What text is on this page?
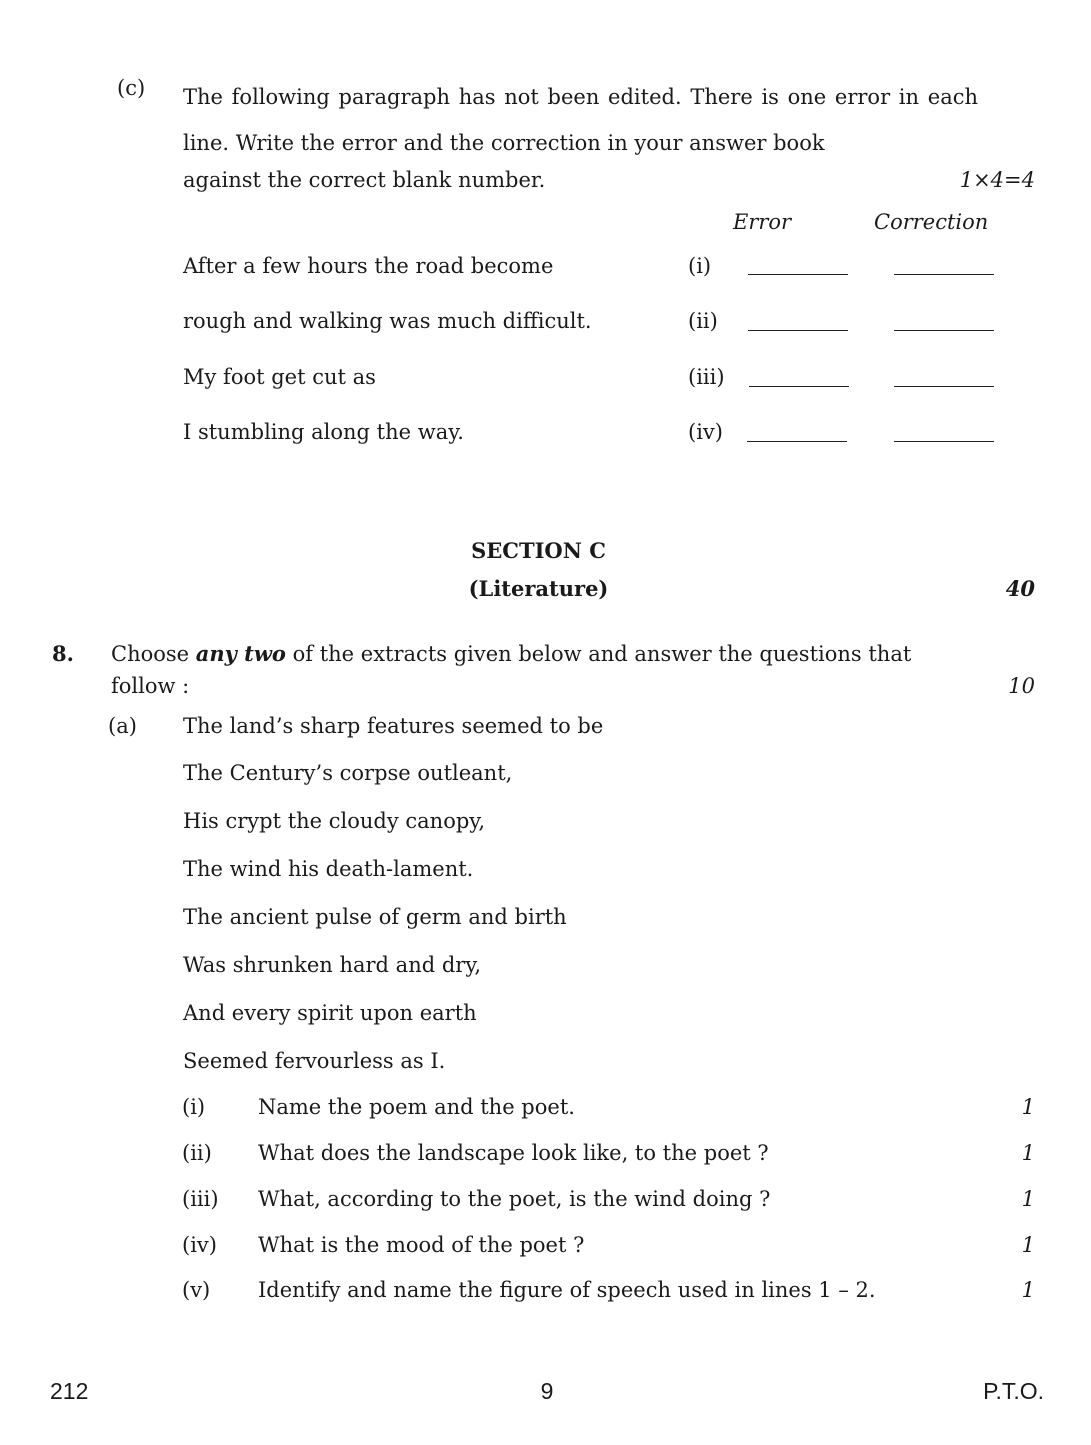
(c) The following paragraph has not been edited. There is one error in each line. Write the error and the correction in your answer book
against the correct blank number.	1×4=4
Error	Correction
After a few hours the road become	(i)
rough and walking was much difficult.	(ii)
My foot get cut as	(iii)
I stumbling along the way.	(iv)
SECTION C
(Literature)	40
8. Choose any two of the extracts given below and answer the questions that
follow :	10
(a) The land’s sharp features seemed to be
The Century’s corpse outleant,
His crypt the cloudy canopy,
The wind his death-lament.
The ancient pulse of germ and birth
Was shrunken hard and dry,
And every spirit upon earth
Seemed fervourless as I.
(i)	Name the poem and the poet.	1
(ii) What does the landscape look like, to the poet ?	1
(iii) What, according to the poet, is the wind doing ?	1
(iv) What is the mood of the poet ?	1
(v) Identify and name the figure of speech used in lines 1 – 2.	1
212	9	P.T.O.
